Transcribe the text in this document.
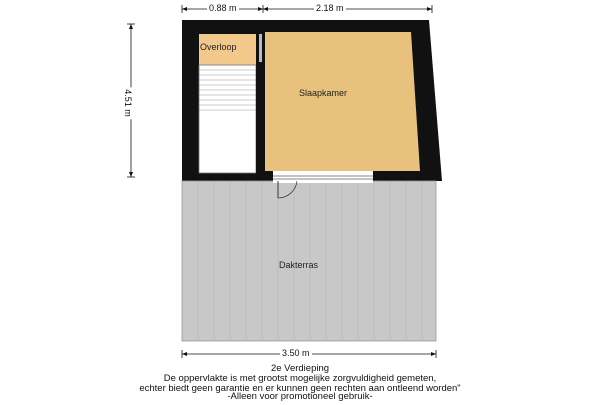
0.88 m	2.18 m
4.51 m
3.50 m
Overloop
Slaapkamer
Dakterras
2e Verdieping
De oppervlakte is met grootst mogelijke zorgvuldigheid gemeten,
echter biedt geen garantie en er kunnen geen rechten aan ontleend worden"
-Alleen voor promotioneel gebruik-
